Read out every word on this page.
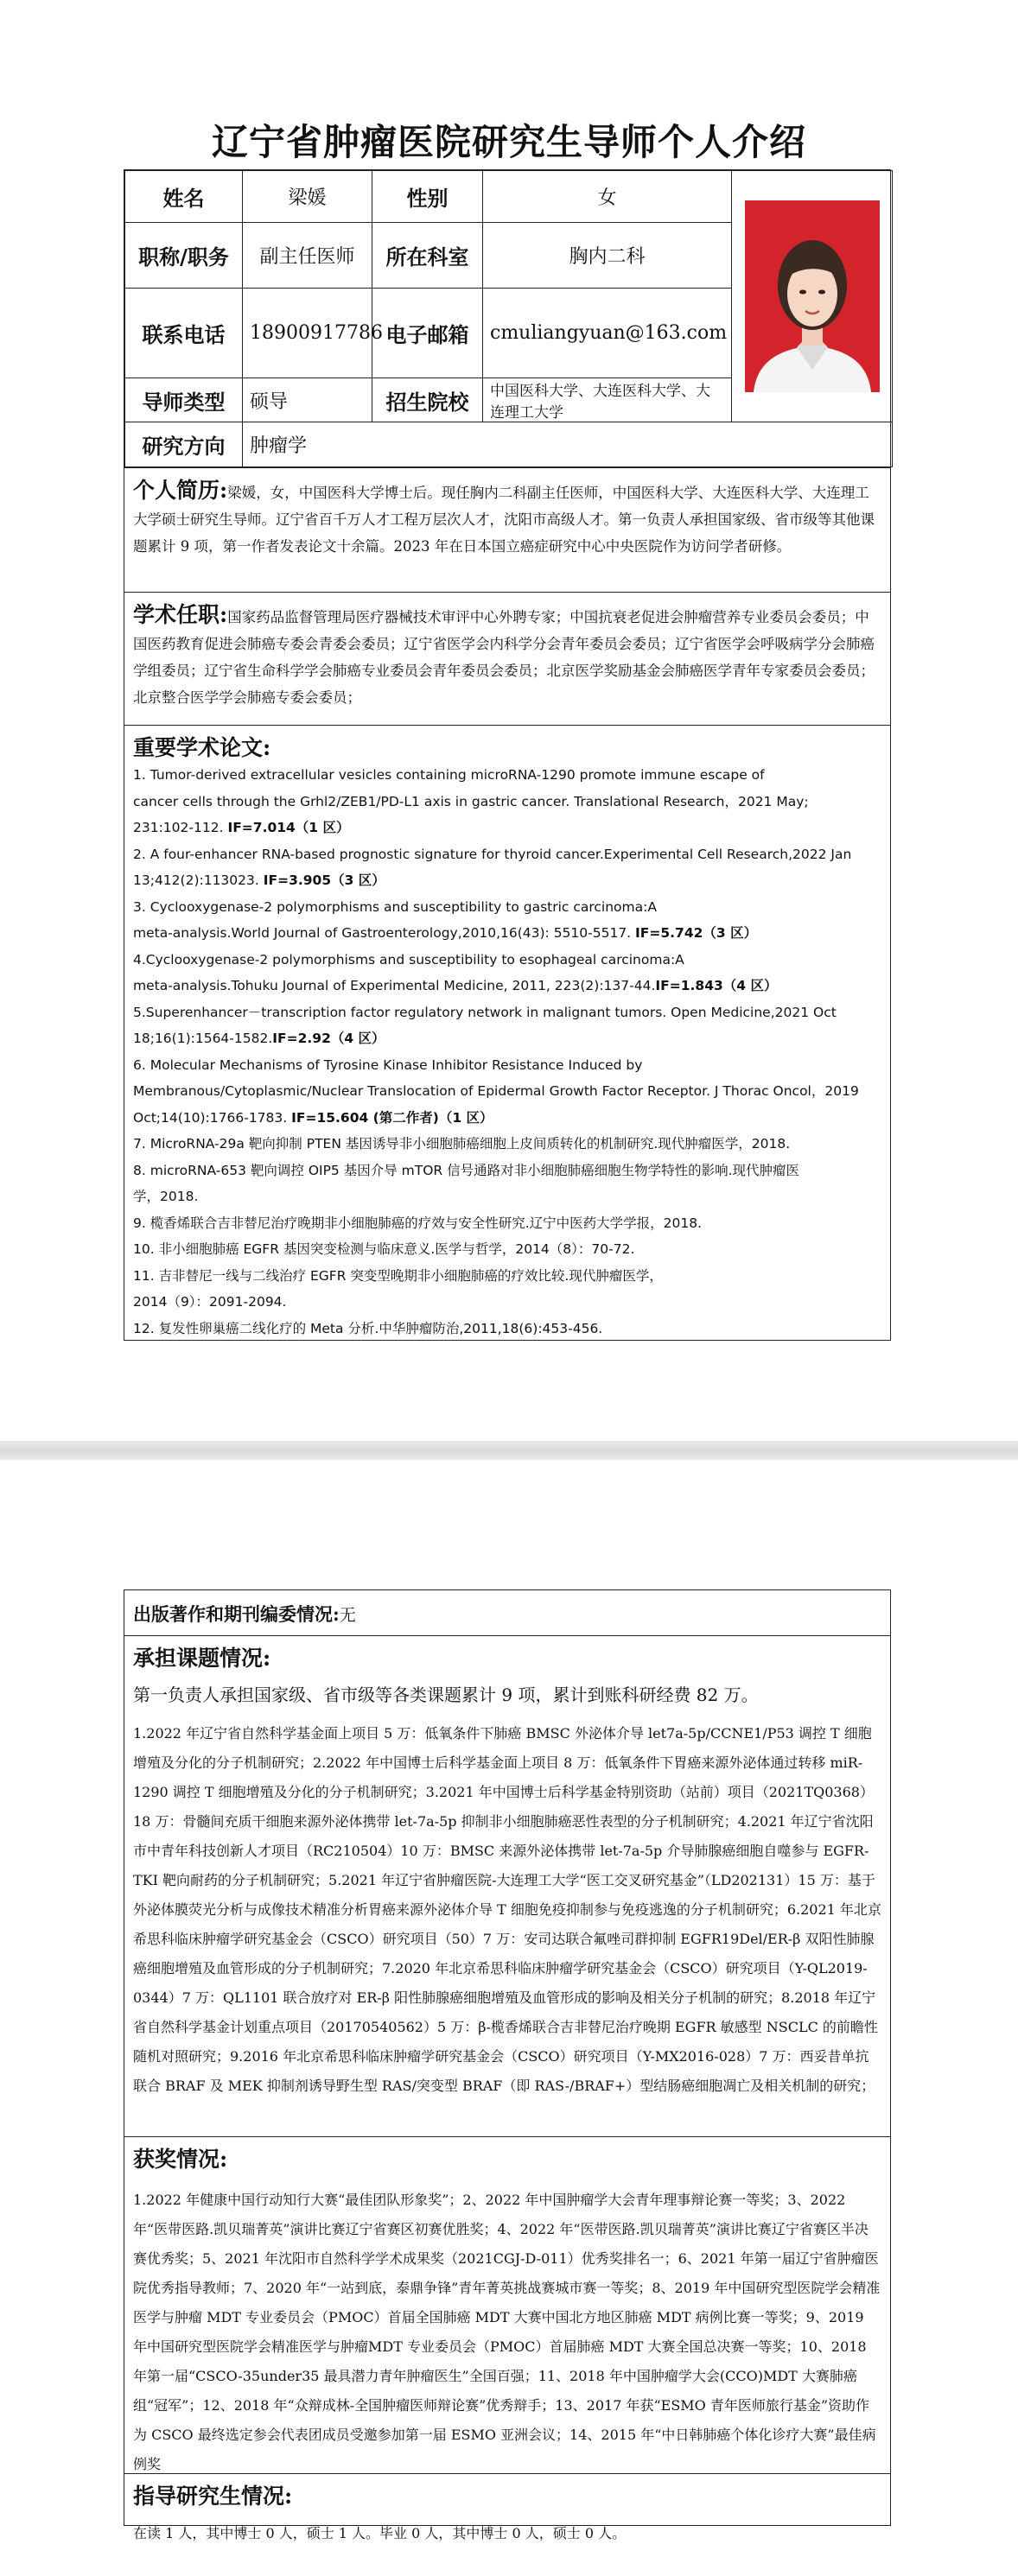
辽宁省肿瘤医院研究生导师个人介绍
姓名	梁媛	性别	女	

职称/职务	副主任医师	所在科室	胸内二科	
联系电话	18900917786	电子邮箱	cmuliangyuan@163.com	
导师类型	硕导	招生院校	中国医科大学、大连医科大学、大连理工大学	
研究方向	肿瘤学			
个人简历:梁媛，女，中国医科大学博士后。现任胸内二科副主任医师，中国医科大学、大连医科大学、大连理工大学硕士研究生导师。辽宁省百千万人才工程万层次人才，沈阳市高级人才。第一负责人承担国家级、省市级等其他课题累计 9 项，第一作者发表论文十余篇。2023 年在日本国立癌症研究中心中央医院作为访问学者研修。
学术任职:国家药品监督管理局医疗器械技术审评中心外聘专家；中国抗衰老促进会肿瘤营养专业委员会委员；中国医药教育促进会肺癌专委会青委会委员；辽宁省医学会内科学分会青年委员会委员；辽宁省医学会呼吸病学分会肺癌学组委员；辽宁省生命科学学会肺癌专业委员会青年委员会委员；北京医学奖励基金会肺癌医学青年专家委员会委员；北京整合医学学会肺癌专委会委员；
重要学术论文:
1. Tumor-derived extracellular vesicles containing microRNA-1290 promote immune escape of
cancer cells through the Grhl2/ZEB1/PD-L1 axis in gastric cancer. Translational Research，2021 May;
231:102-112. IF=7.014（1 区）
2. A four-enhancer RNA-based prognostic signature for thyroid cancer.Experimental Cell Research,2022 Jan
13;412(2):113023. IF=3.905（3 区）
3. Cyclooxygenase-2 polymorphisms and susceptibility to gastric carcinoma:A
meta-analysis.World Journal of Gastroenterology,2010,16(43): 5510-5517. IF=5.742（3 区）
4.Cyclooxygenase-2 polymorphisms and susceptibility to esophageal carcinoma:A
meta-analysis.Tohuku Journal of Experimental Medicine, 2011, 223(2):137-44.IF=1.843（4 区）
5.Superenhancer－transcription factor regulatory network in malignant tumors. Open Medicine,2021 Oct
18;16(1):1564-1582.IF=2.92（4 区）
6. Molecular Mechanisms of Tyrosine Kinase Inhibitor Resistance Induced by
Membranous/Cytoplasmic/Nuclear Translocation of Epidermal Growth Factor Receptor. J Thorac Oncol，2019
Oct;14(10):1766-1783. IF=15.604 (第二作者)（1 区）
7. MicroRNA-29a 靶向抑制 PTEN 基因诱导非小细胞肺癌细胞上皮间质转化的机制研究.现代肿瘤医学，2018.
8. microRNA-653 靶向调控 OIP5 基因介导 mTOR 信号通路对非小细胞肺癌细胞生物学特性的影响.现代肿瘤医
学，2018.
9. 榄香烯联合吉非替尼治疗晚期非小细胞肺癌的疗效与安全性研究.辽宁中医药大学学报，2018.
10. 非小细胞肺癌 EGFR 基因突变检测与临床意义.医学与哲学，2014（8）：70-72.
11. 吉非替尼一线与二线治疗 EGFR 突变型晚期非小细胞肺癌的疗效比较.现代肿瘤医学，
2014（9）：2091-2094.
12. 复发性卵巢癌二线化疗的 Meta 分析.中华肿瘤防治,2011,18(6):453-456.
出版著作和期刊编委情况:无
承担课题情况:
第一负责人承担国家级、省市级等各类课题累计 9 项，累计到账科研经费 82 万。
1.2022 年辽宁省自然科学基金面上项目 5 万：低氧条件下肺癌 BMSC 外泌体介导 let7a-5p/CCNE1/P53 调控 T 细胞增殖及分化的分子机制研究；2.2022 年中国博士后科学基金面上项目 8 万：低氧条件下胃癌来源外泌体通过转移 miR-1290 调控 T 细胞增殖及分化的分子机制研究；3.2021 年中国博士后科学基金特别资助（站前）项目（2021TQ0368）18 万：骨髓间充质干细胞来源外泌体携带 let-7a-5p 抑制非小细胞肺癌恶性表型的分子机制研究；4.2021 年辽宁省沈阳市中青年科技创新人才项目（RC210504）10 万：BMSC 来源外泌体携带 let-7a-5p 介导肺腺癌细胞自噬参与 EGFR-TKI 靶向耐药的分子机制研究；5.2021 年辽宁省肿瘤医院-大连理工大学“医工交叉研究基金”（LD202131）15 万：基于外泌体膜荧光分析与成像技术精准分析胃癌来源外泌体介导 T 细胞免疫抑制参与免疫逃逸的分子机制研究；6.2021 年北京希思科临床肿瘤学研究基金会（CSCO）研究项目（50）7 万：安司达联合氟唑司群抑制 EGFR19Del/ER-β 双阳性肺腺癌细胞增殖及血管形成的分子机制研究；7.2020 年北京希思科临床肿瘤学研究基金会（CSCO）研究项目（Y-QL2019-0344）7 万：QL1101 联合放疗对 ER-β 阳性肺腺癌细胞增殖及血管形成的影响及相关分子机制的研究；8.2018 年辽宁省自然科学基金计划重点项目（20170540562）5 万：β-榄香烯联合吉非替尼治疗晚期 EGFR 敏感型 NSCLC 的前瞻性随机对照研究；9.2016 年北京希思科临床肿瘤学研究基金会（CSCO）研究项目（Y-MX2016-028）7 万：西妥昔单抗联合 BRAF 及 MEK 抑制剂诱导野生型 RAS/突变型 BRAF（即 RAS-/BRAF+）型结肠癌细胞凋亡及相关机制的研究；
获奖情况:
1.2022 年健康中国行动知行大赛“最佳团队形象奖”；2、2022 年中国肿瘤学大会青年理事辩论赛一等奖；3、2022 年“医带医路.凯贝瑞菁英”演讲比赛辽宁省赛区初赛优胜奖；4、2022 年“医带医路.凯贝瑞菁英”演讲比赛辽宁省赛区半决赛优秀奖；5、2021 年沈阳市自然科学学术成果奖（2021CGJ-D-011）优秀奖排名一；6、2021 年第一届辽宁省肿瘤医院优秀指导教师；7、2020 年“一站到底，泰鼎争锋”青年菁英挑战赛城市赛一等奖；8、2019 年中国研究型医院学会精准医学与肿瘤 MDT 专业委员会（PMOC）首届全国肺癌 MDT 大赛中国北方地区肺癌 MDT 病例比赛一等奖；9、2019 年中国研究型医院学会精准医学与肿瘤MDT 专业委员会（PMOC）首届肺癌 MDT 大赛全国总决赛一等奖；10、2018 年第一届“CSCO-35under35 最具潜力青年肿瘤医生”全国百强；11、2018 年中国肿瘤学大会(CCO)MDT 大赛肺癌组“冠军”；12、2018 年“众辩成林-全国肿瘤医师辩论赛”优秀辩手；13、2017 年获“ESMO 青年医师旅行基金”资助作为 CSCO 最终选定参会代表团成员受邀参加第一届 ESMO 亚洲会议；14、2015 年“中日韩肺癌个体化诊疗大赛”最佳病例奖
指导研究生情况:
在读 1 人，其中博士 0 人，硕士 1 人。毕业 0 人，其中博士 0 人，硕士 0 人。
